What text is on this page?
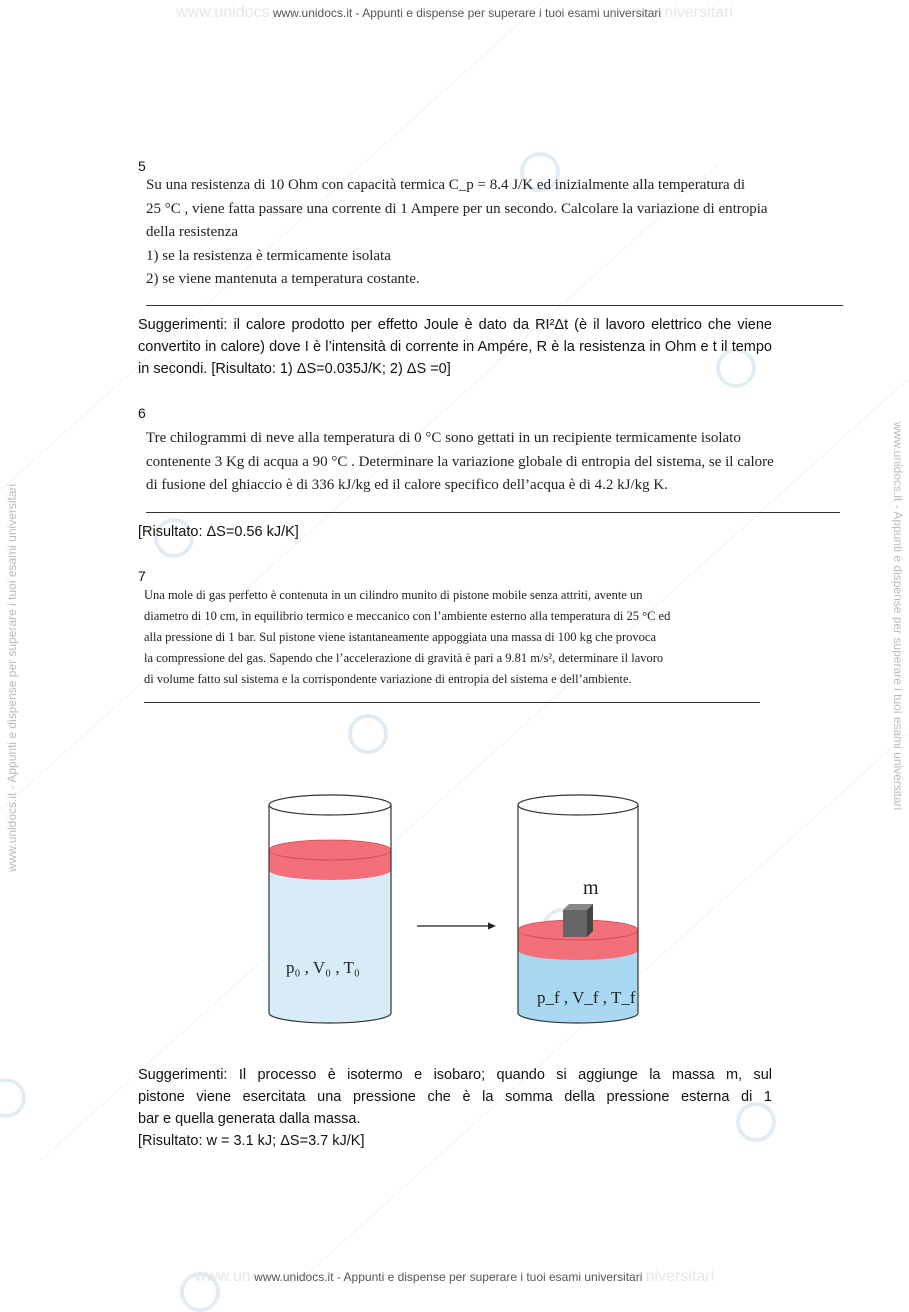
www.unidocs www.unidocs.it - Appunti e dispense per superare i tuoi esami universitari niversitari
www.unidocs.it - Appunti e dispense per superare i tuoi esami universitari	www.unidocs.it - Appunti e dispense per superare i tuoi esami universitari
5
Su una resistenza di 10 Ohm con capacità termica C_p = 8.4 J/K ed inizialmente alla temperatura di
25 °C , viene fatta passare una corrente di 1 Ampere per un secondo. Calcolare la variazione di entropia
della resistenza
1) se la resistenza è termicamente isolata
2) se viene mantenuta a temperatura costante.
Suggerimenti: il calore prodotto per effetto Joule è dato da RI²Δt (è il lavoro elettrico che viene convertito in calore) dove I è l’intensità di corrente in Ampére, R è la resistenza in Ohm e t il tempo in secondi. [Risultato: 1) ΔS=0.035J/K; 2) ΔS =0]
6
Tre chilogrammi di neve alla temperatura di 0 °C sono gettati in un recipiente termicamente isolato
contenente 3 Kg di acqua a 90 °C . Determinare la variazione globale di entropia del sistema, se il calore
di fusione del ghiaccio è di 336 kJ/kg ed il calore specifico dell’acqua è di 4.2 kJ/kg K.
[Risultato: ΔS=0.56 kJ/K]
7
Una mole di gas perfetto è contenuta in un cilindro munito di pistone mobile senza attriti, avente un
diametro di 10 cm, in equilibrio termico e meccanico con l’ambiente esterno alla temperatura di 25 °C ed
alla pressione di 1 bar. Sul pistone viene istantaneamente appoggiata una massa di 100 kg che provoca
la compressione del gas. Sapendo che l’accelerazione di gravità è pari a 9.81 m/s², determinare il lavoro
di volume fatto sul sistema e la corrispondente variazione di entropia del sistema e dell’ambiente.
p₀ , V₀ , T₀
m
p_f , V_f , T_f
Suggerimenti: Il processo è isotermo e isobaro; quando si aggiunge la massa m, sul
pistone viene esercitata una pressione che è la somma della pressione esterna di 1
bar e quella generata dalla massa.
[Risultato: w = 3.1 kJ; ΔS=3.7 kJ/K]
www.un www.unidocs.it - Appunti e dispense per superare i tuoi esami universitari niversitari
